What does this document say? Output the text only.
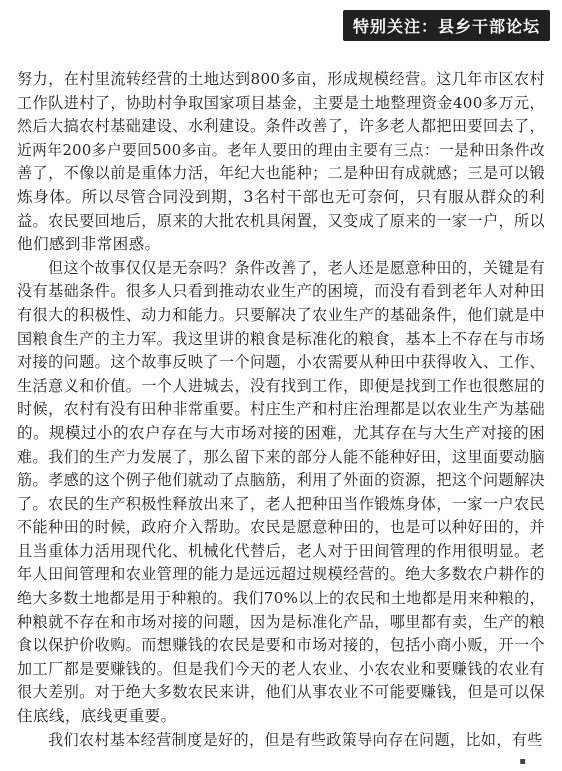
特别关注：县乡干部论坛
努力，在村里流转经营的土地达到800多亩，形成规模经营。这几年市区农村
工作队进村了，协助村争取国家项目基金，主要是土地整理资金400多万元，
然后大搞农村基础建设、水利建设。条件改善了，许多老人都把田要回去了，
近两年200多户要回500多亩。老年人要田的理由主要有三点：一是种田条件改
善了，不像以前是重体力活，年纪大也能种；二是种田有成就感；三是可以锻
炼身体。所以尽管合同没到期，3名村干部也无可奈何，只有服从群众的利
益。农民要回地后，原来的大批农机具闲置，又变成了原来的一家一户，所以
他们感到非常困惑。
但这个故事仅仅是无奈吗？条件改善了，老人还是愿意种田的，关键是有
没有基础条件。很多人只看到推动农业生产的困境，而没有看到老年人对种田
有很大的积极性、动力和能力。只要解决了农业生产的基础条件，他们就是中
国粮食生产的主力军。我这里讲的粮食是标准化的粮食，基本上不存在与市场
对接的问题。这个故事反映了一个问题，小农需要从种田中获得收入、工作、
生活意义和价值。一个人进城去，没有找到工作，即便是找到工作也很憋屈的
时候，农村有没有田种非常重要。村庄生产和村庄治理都是以农业生产为基础
的。规模过小的农户存在与大市场对接的困难，尤其存在与大生产对接的困
难。我们的生产力发展了，那么留下来的部分人能不能种好田，这里面要动脑
筋。孝感的这个例子他们就动了点脑筋，利用了外面的资源，把这个问题解决
了。农民的生产积极性释放出来了，老人把种田当作锻炼身体，一家一户农民
不能种田的时候，政府介入帮助。农民是愿意种田的，也是可以种好田的，并
且当重体力活用现代化、机械化代替后，老人对于田间管理的作用很明显。老
年人田间管理和农业管理的能力是远远超过规模经营的。绝大多数农户耕作的
绝大多数土地都是用于种粮的。我们70%以上的农民和土地都是用来种粮的，
种粮就不存在和市场对接的问题，因为是标准化产品，哪里都有卖，生产的粮
食以保护价收购。而想赚钱的农民是要和市场对接的，包括小商小贩，开一个
加工厂都是要赚钱的。但是我们今天的老人农业、小农农业和要赚钱的农业有
很大差别。对于绝大多数农民来讲，他们从事农业不可能要赚钱，但是可以保
住底线，底线更重要。
我们农村基本经营制度是好的，但是有些政策导向存在问题，比如，有些
▪
